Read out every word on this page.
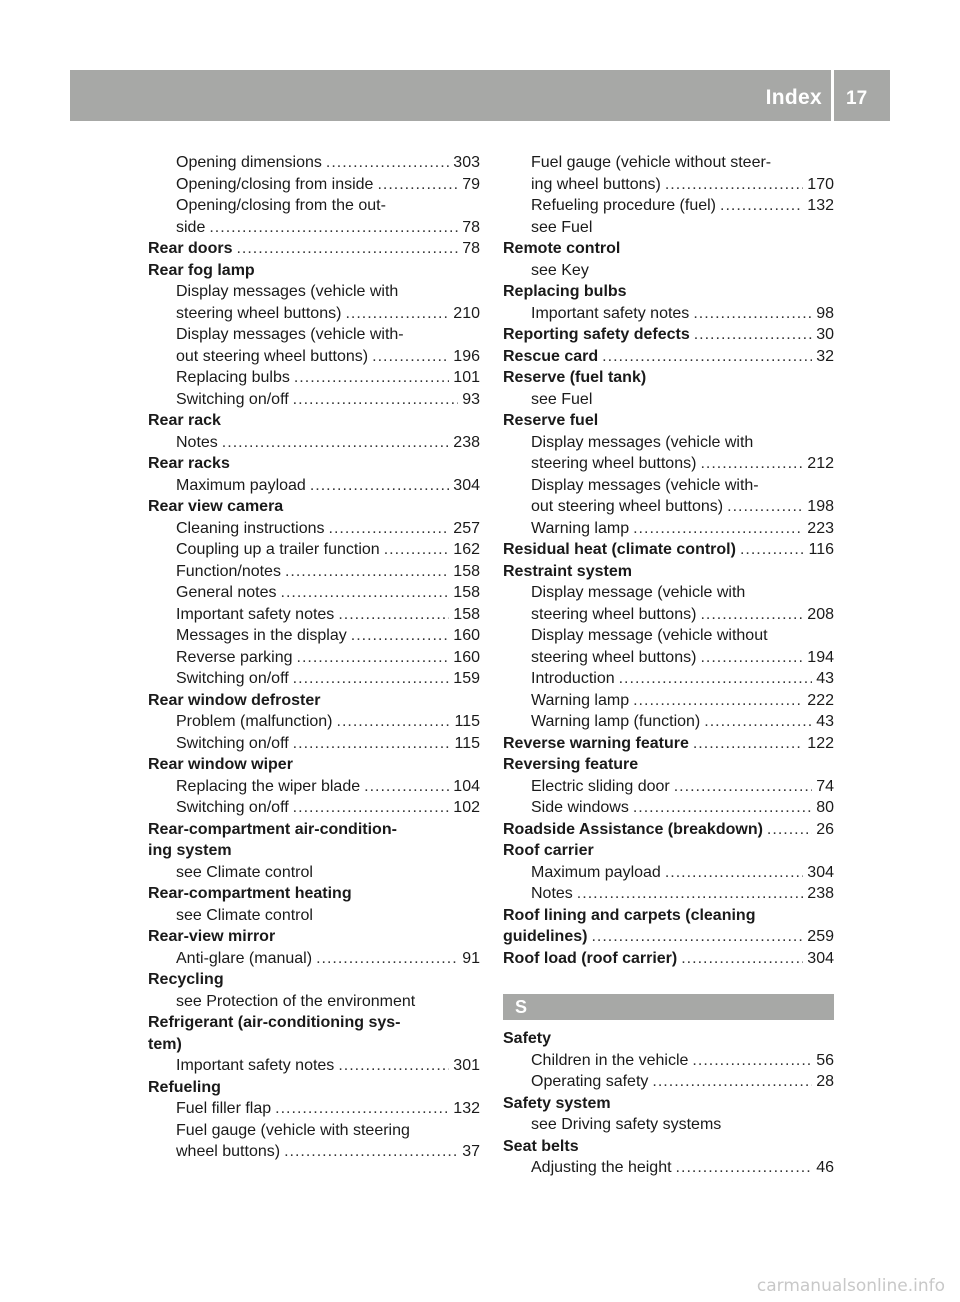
Index 17
Opening dimensions .....	303
Opening/closing from inside .....	79
Opening/closing from the out-
side .....	78
Rear doors .....	78
Rear fog lamp
Display messages (vehicle with
steering wheel buttons) .....	210
Display messages (vehicle with-
out steering wheel buttons) .....	196
Replacing bulbs .....	101
Switching on/off .....	93
Rear rack
Notes .....	238
Rear racks
Maximum payload .....	304
Rear view camera
Cleaning instructions .....	257
Coupling up a trailer function .....	162
Function/notes .....	158
General notes .....	158
Important safety notes .....	158
Messages in the display .....	160
Reverse parking .....	160
Switching on/off .....	159
Rear window defroster
Problem (malfunction) .....	115
Switching on/off .....	115
Rear window wiper
Replacing the wiper blade .....	104
Switching on/off .....	102
Rear-compartment air-condition-
ing system
see Climate control
Rear-compartment heating
see Climate control
Rear-view mirror
Anti-glare (manual) .....	91
Recycling
see Protection of the environment
Refrigerant (air-conditioning sys-
tem)
Important safety notes .....	301
Refueling
Fuel filler flap .....	132
Fuel gauge (vehicle with steering
wheel buttons) .....	37
Fuel gauge (vehicle without steer-
ing wheel buttons) .....	170
Refueling procedure (fuel) .....	132
see Fuel
Remote control
see Key
Replacing bulbs
Important safety notes .....	98
Reporting safety defects .....	30
Rescue card .....	32
Reserve (fuel tank)
see Fuel
Reserve fuel
Display messages (vehicle with
steering wheel buttons) .....	212
Display messages (vehicle with-
out steering wheel buttons) .....	198
Warning lamp .....	223
Residual heat (climate control) .....	116
Restraint system
Display message (vehicle with
steering wheel buttons) .....	208
Display message (vehicle without
steering wheel buttons) .....	194
Introduction .....	43
Warning lamp .....	222
Warning lamp (function) .....	43
Reverse warning feature .....	122
Reversing feature
Electric sliding door .....	74
Side windows .....	80
Roadside Assistance (breakdown) .....	26
Roof carrier
Maximum payload .....	304
Notes .....	238
Roof lining and carpets (cleaning
guidelines) .....	259
Roof load (roof carrier) .....	304
S
Safety
Children in the vehicle .....	56
Operating safety .....	28
Safety system
see Driving safety systems
Seat belts
Adjusting the height .....	46
carmanualsonline.info
